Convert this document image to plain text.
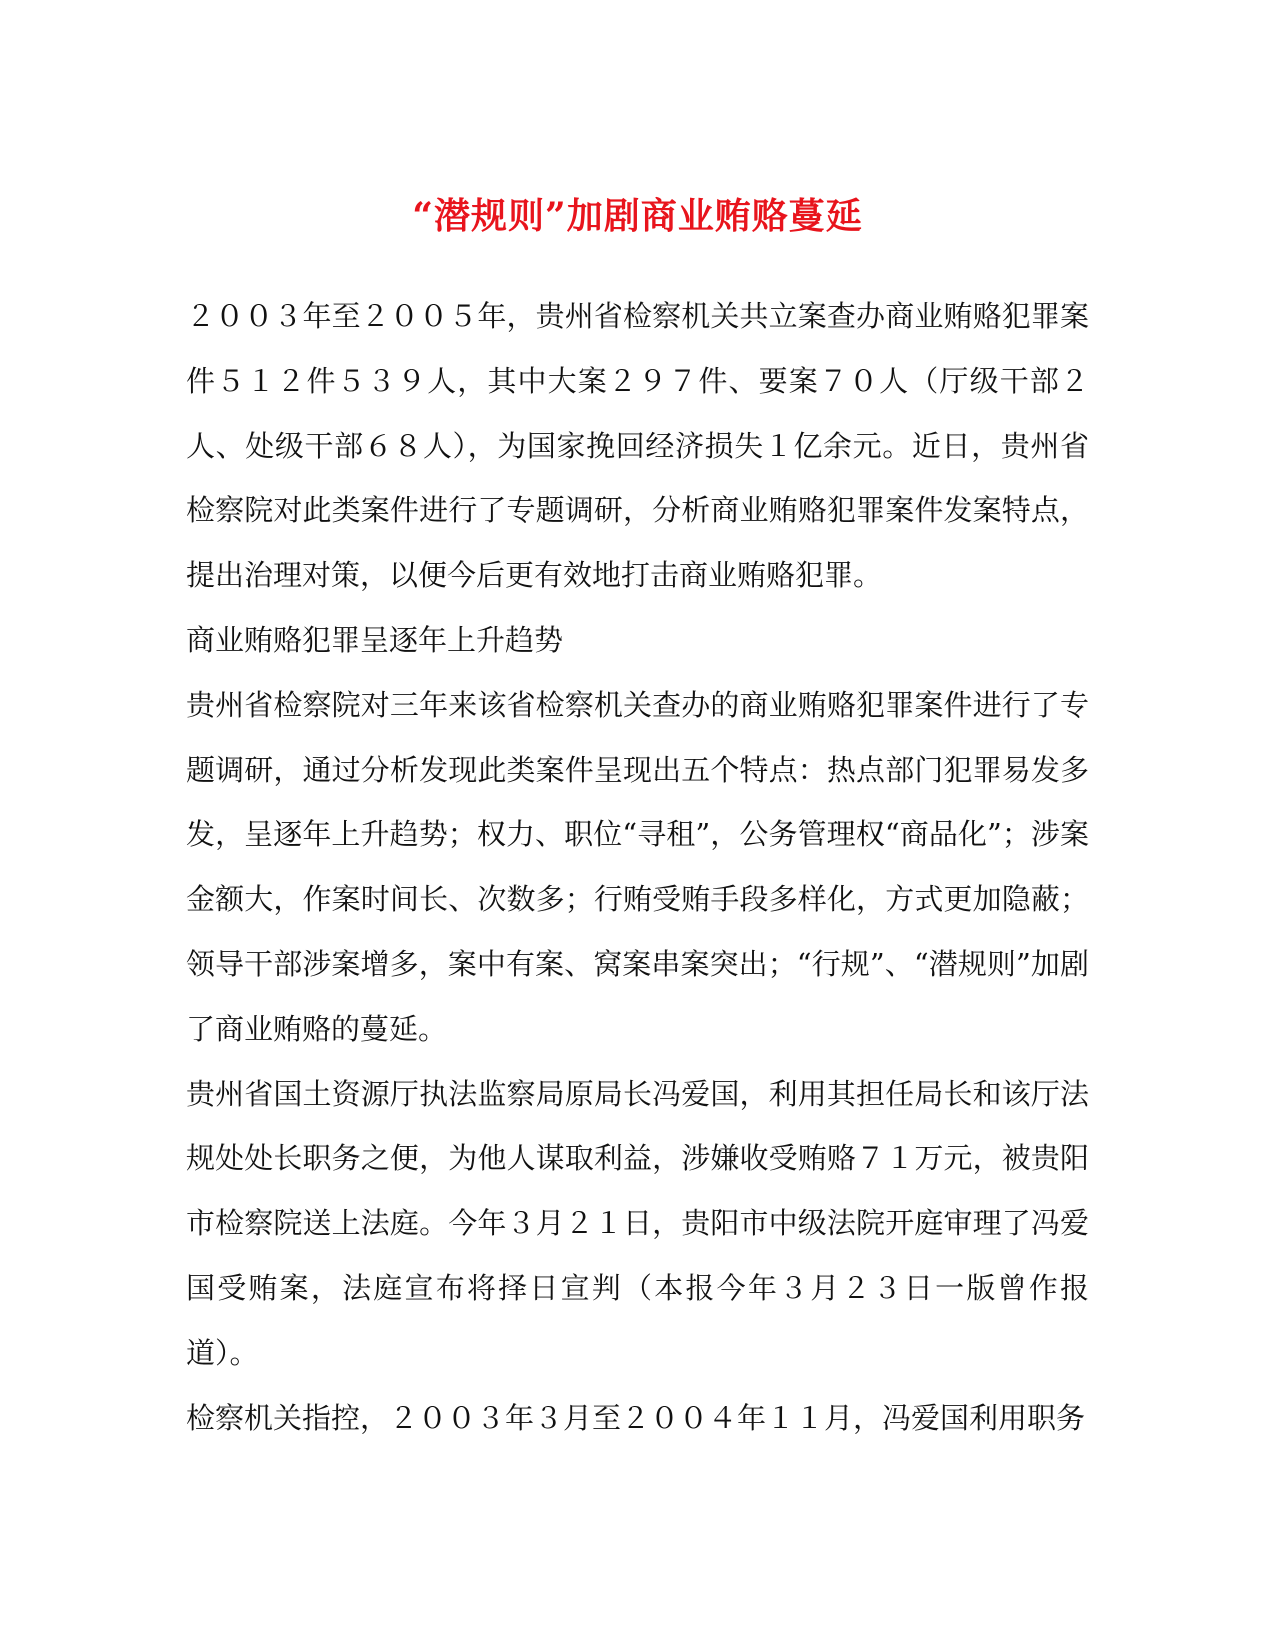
“潜规则”加剧商业贿赂蔓延

２００３年至２００５年，贵州省检察机关共立案查办商业贿赂犯罪案件５１２件５３９人，其中大案２９７件、要案７０人（厅级干部２人、处级干部６８人），为国家挽回经济损失１亿余元。近日，贵州省检察院对此类案件进行了专题调研，分析商业贿赂犯罪案件发案特点，提出治理对策，以便今后更有效地打击商业贿赂犯罪。

商业贿赂犯罪呈逐年上升趋势

贵州省检察院对三年来该省检察机关查办的商业贿赂犯罪案件进行了专题调研，通过分析发现此类案件呈现出五个特点：热点部门犯罪易发多发，呈逐年上升趋势；权力、职位“寻租”，公务管理权“商品化”；涉案金额大，作案时间长、次数多；行贿受贿手段多样化，方式更加隐蔽；领导干部涉案增多，案中有案、窝案串案突出；“行规”、“潜规则”加剧了商业贿赂的蔓延。

贵州省国土资源厅执法监察局原局长冯爱国，利用其担任局长和该厅法规处处长职务之便，为他人谋取利益，涉嫌收受贿赂７１万元，被贵阳市检察院送上法庭。今年３月２１日，贵阳市中级法院开庭审理了冯爱国受贿案，法庭宣布将择日宣判（本报今年３月２３日一版曾作报道）。

检察机关指控，２００３年３月至２００４年１１月，冯爱国利用职务
